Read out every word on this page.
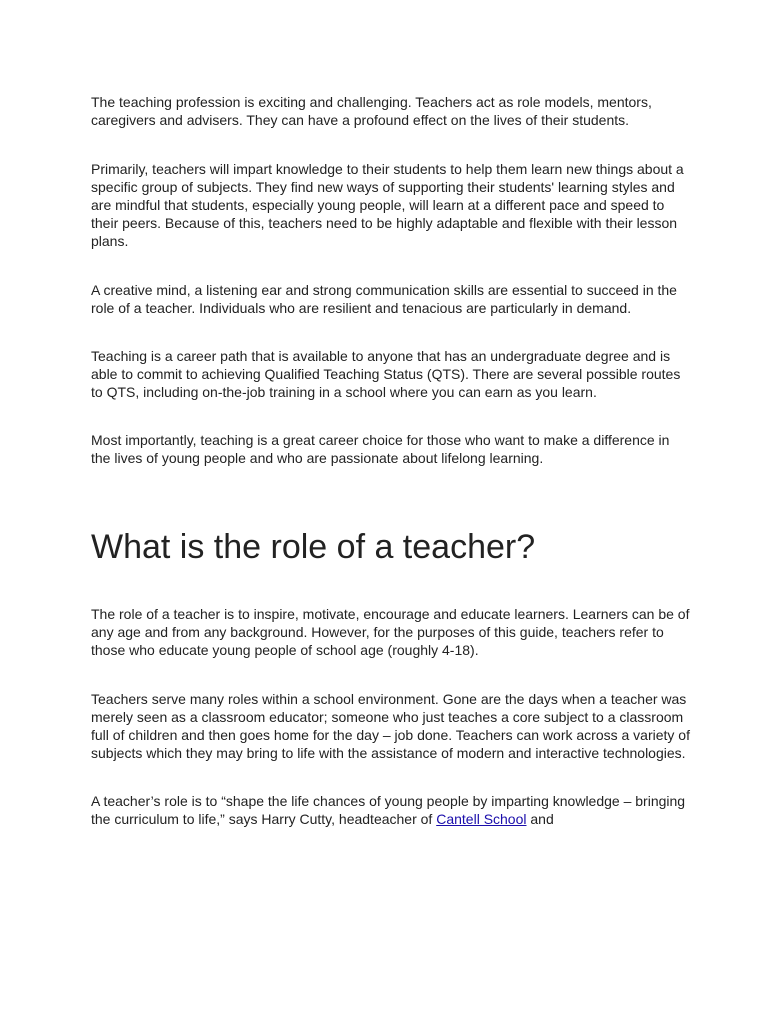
The teaching profession is exciting and challenging. Teachers act as role models, mentors, caregivers and advisers. They can have a profound effect on the lives of their students.

Primarily, teachers will impart knowledge to their students to help them learn new things about a specific group of subjects. They find new ways of supporting their students' learning styles and are mindful that students, especially young people, will learn at a different pace and speed to their peers. Because of this, teachers need to be highly adaptable and flexible with their lesson plans.

A creative mind, a listening ear and strong communication skills are essential to succeed in the role of a teacher. Individuals who are resilient and tenacious are particularly in demand.

Teaching is a career path that is available to anyone that has an undergraduate degree and is able to commit to achieving Qualified Teaching Status (QTS). There are several possible routes to QTS, including on-the-job training in a school where you can earn as you learn.

Most importantly, teaching is a great career choice for those who want to make a difference in the lives of young people and who are passionate about lifelong learning.

What is the role of a teacher?

The role of a teacher is to inspire, motivate, encourage and educate learners. Learners can be of any age and from any background. However, for the purposes of this guide, teachers refer to those who educate young people of school age (roughly 4-18).

Teachers serve many roles within a school environment. Gone are the days when a teacher was merely seen as a classroom educator; someone who just teaches a core subject to a classroom full of children and then goes home for the day – job done. Teachers can work across a variety of subjects which they may bring to life with the assistance of modern and interactive technologies.

A teacher’s role is to “shape the life chances of young people by imparting knowledge – bringing the curriculum to life,” says Harry Cutty, headteacher of Cantell School and
